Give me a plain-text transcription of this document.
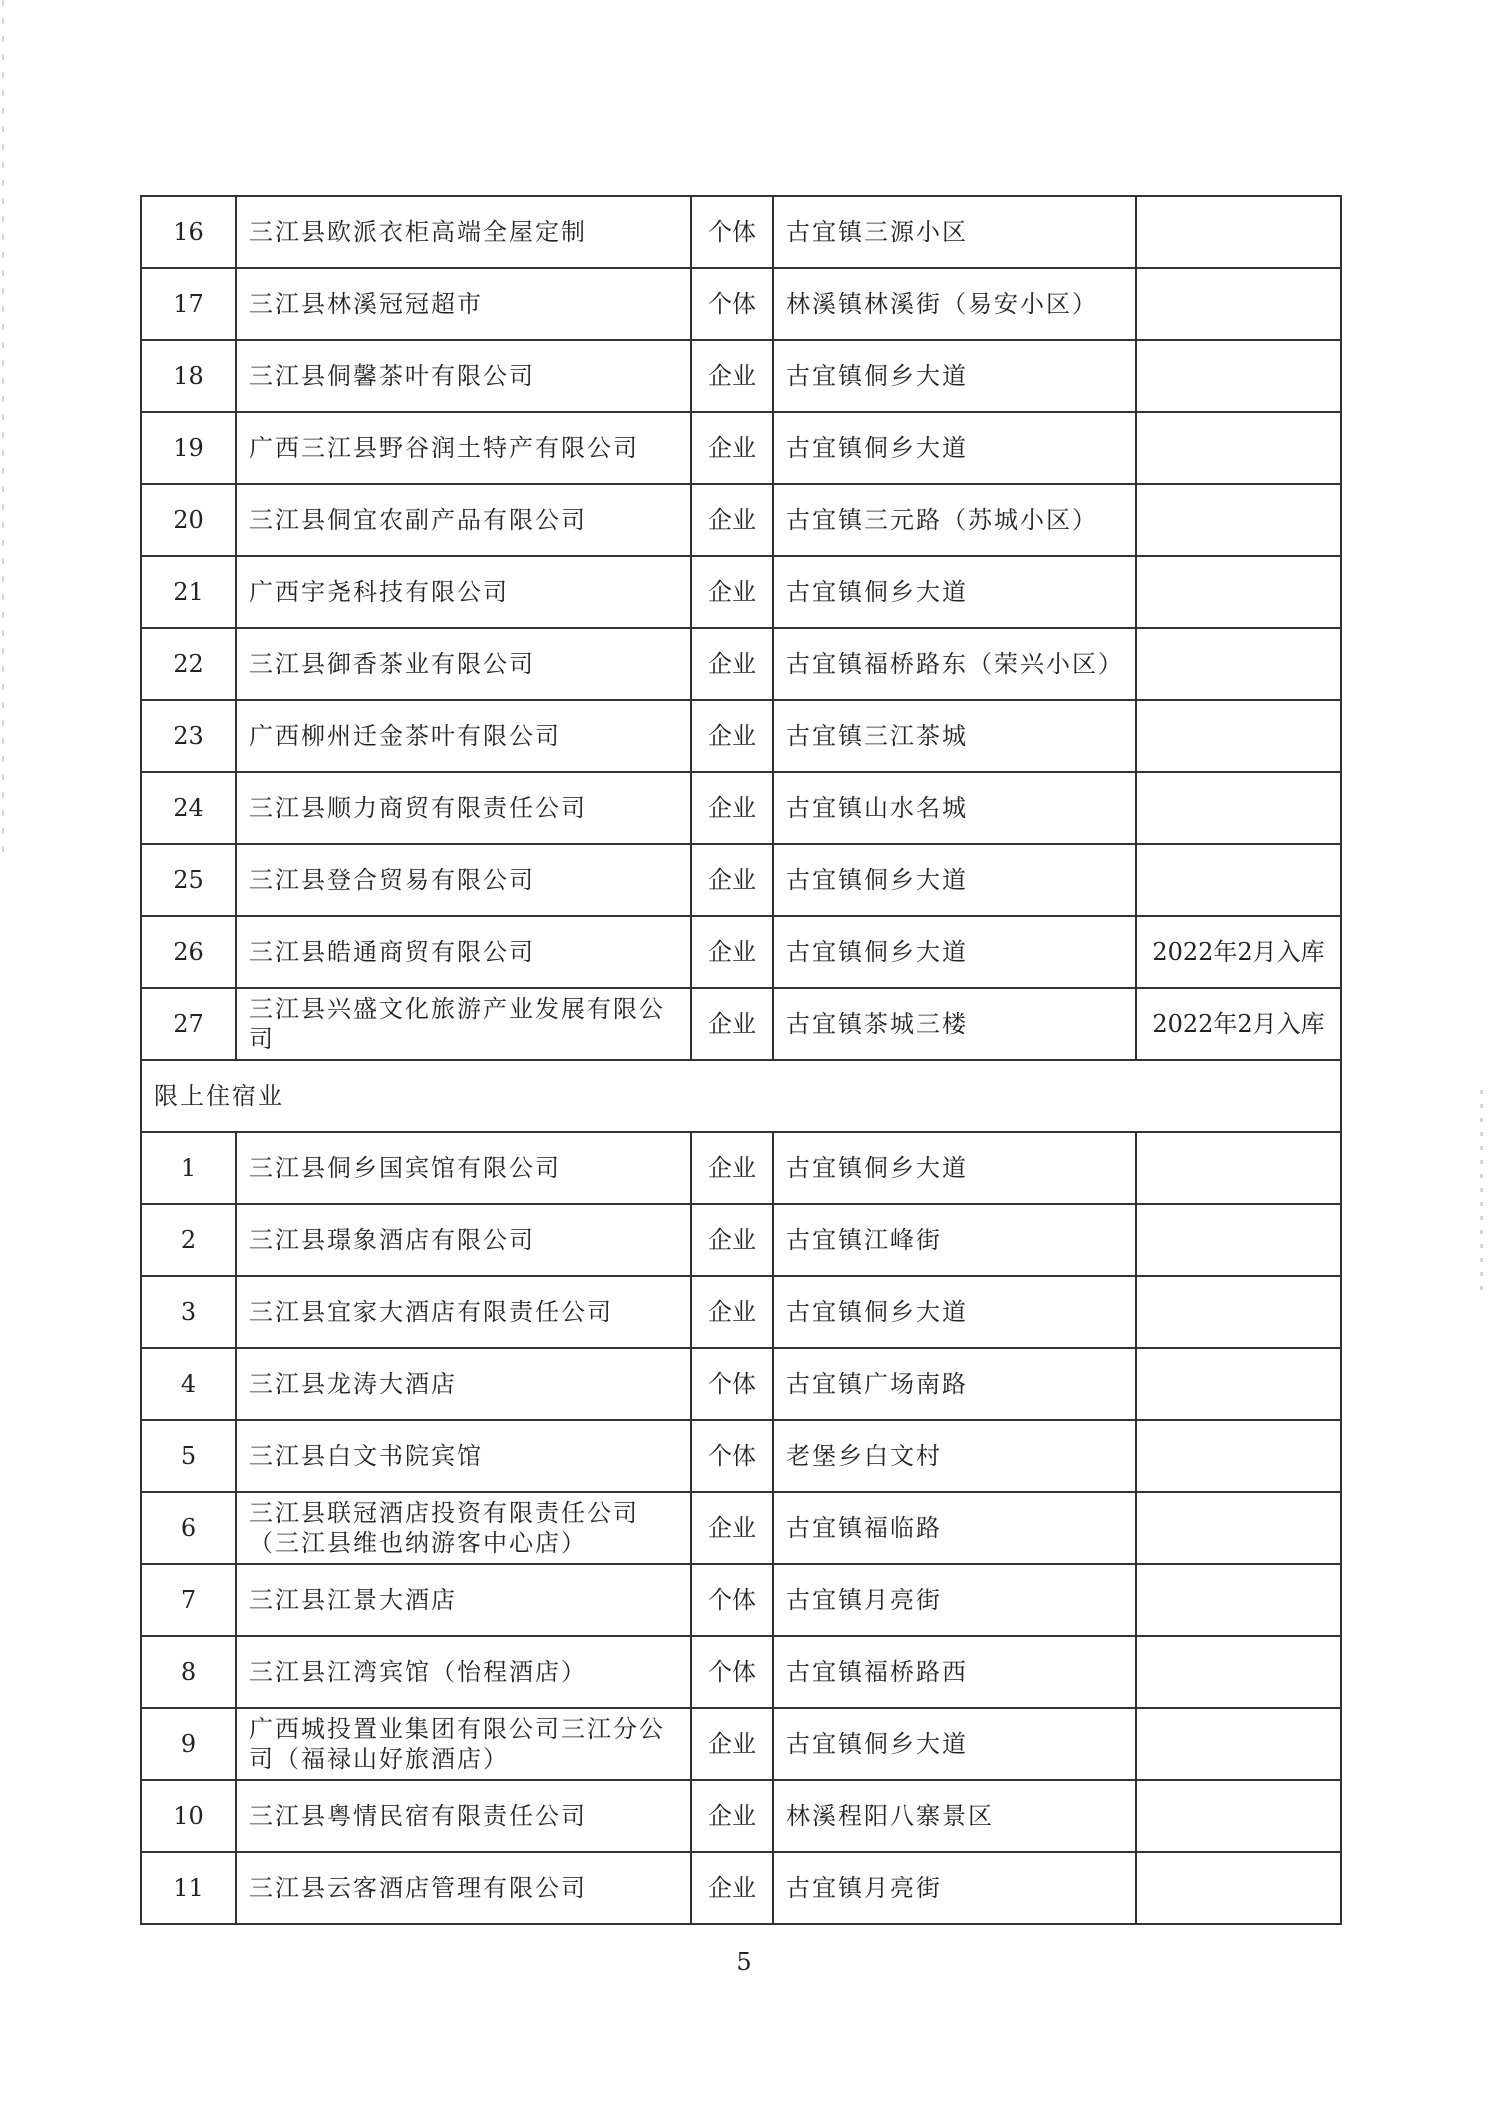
16	三江县欧派衣柜高端全屋定制	个体	古宜镇三源小区	
17	三江县林溪冠冠超市	个体	林溪镇林溪街（易安小区）	
18	三江县侗馨茶叶有限公司	企业	古宜镇侗乡大道	
19	广西三江县野谷润土特产有限公司	企业	古宜镇侗乡大道	
20	三江县侗宜农副产品有限公司	企业	古宜镇三元路（苏城小区）	
21	广西宇尧科技有限公司	企业	古宜镇侗乡大道	
22	三江县御香茶业有限公司	企业	古宜镇福桥路东（荣兴小区）	
23	广西柳州迁金茶叶有限公司	企业	古宜镇三江茶城	
24	三江县顺力商贸有限责任公司	企业	古宜镇山水名城	
25	三江县登合贸易有限公司	企业	古宜镇侗乡大道	
26	三江县皓通商贸有限公司	企业	古宜镇侗乡大道	2022年2月入库
27	三江县兴盛文化旅游产业发展有限公司	企业	古宜镇茶城三楼	2022年2月入库
限上住宿业				
1	三江县侗乡国宾馆有限公司	企业	古宜镇侗乡大道	
2	三江县璟象酒店有限公司	企业	古宜镇江峰街	
3	三江县宜家大酒店有限责任公司	企业	古宜镇侗乡大道	
4	三江县龙涛大酒店	个体	古宜镇广场南路	
5	三江县白文书院宾馆	个体	老堡乡白文村	
6	三江县联冠酒店投资有限责任公司（三江县维也纳游客中心店）	企业	古宜镇福临路	
7	三江县江景大酒店	个体	古宜镇月亮街	
8	三江县江湾宾馆（怡程酒店）	个体	古宜镇福桥路西	
9	广西城投置业集团有限公司三江分公司（福禄山好旅酒店）	企业	古宜镇侗乡大道	
10	三江县粤情民宿有限责任公司	企业	林溪程阳八寨景区	
11	三江县云客酒店管理有限公司	企业	古宜镇月亮街	
5
